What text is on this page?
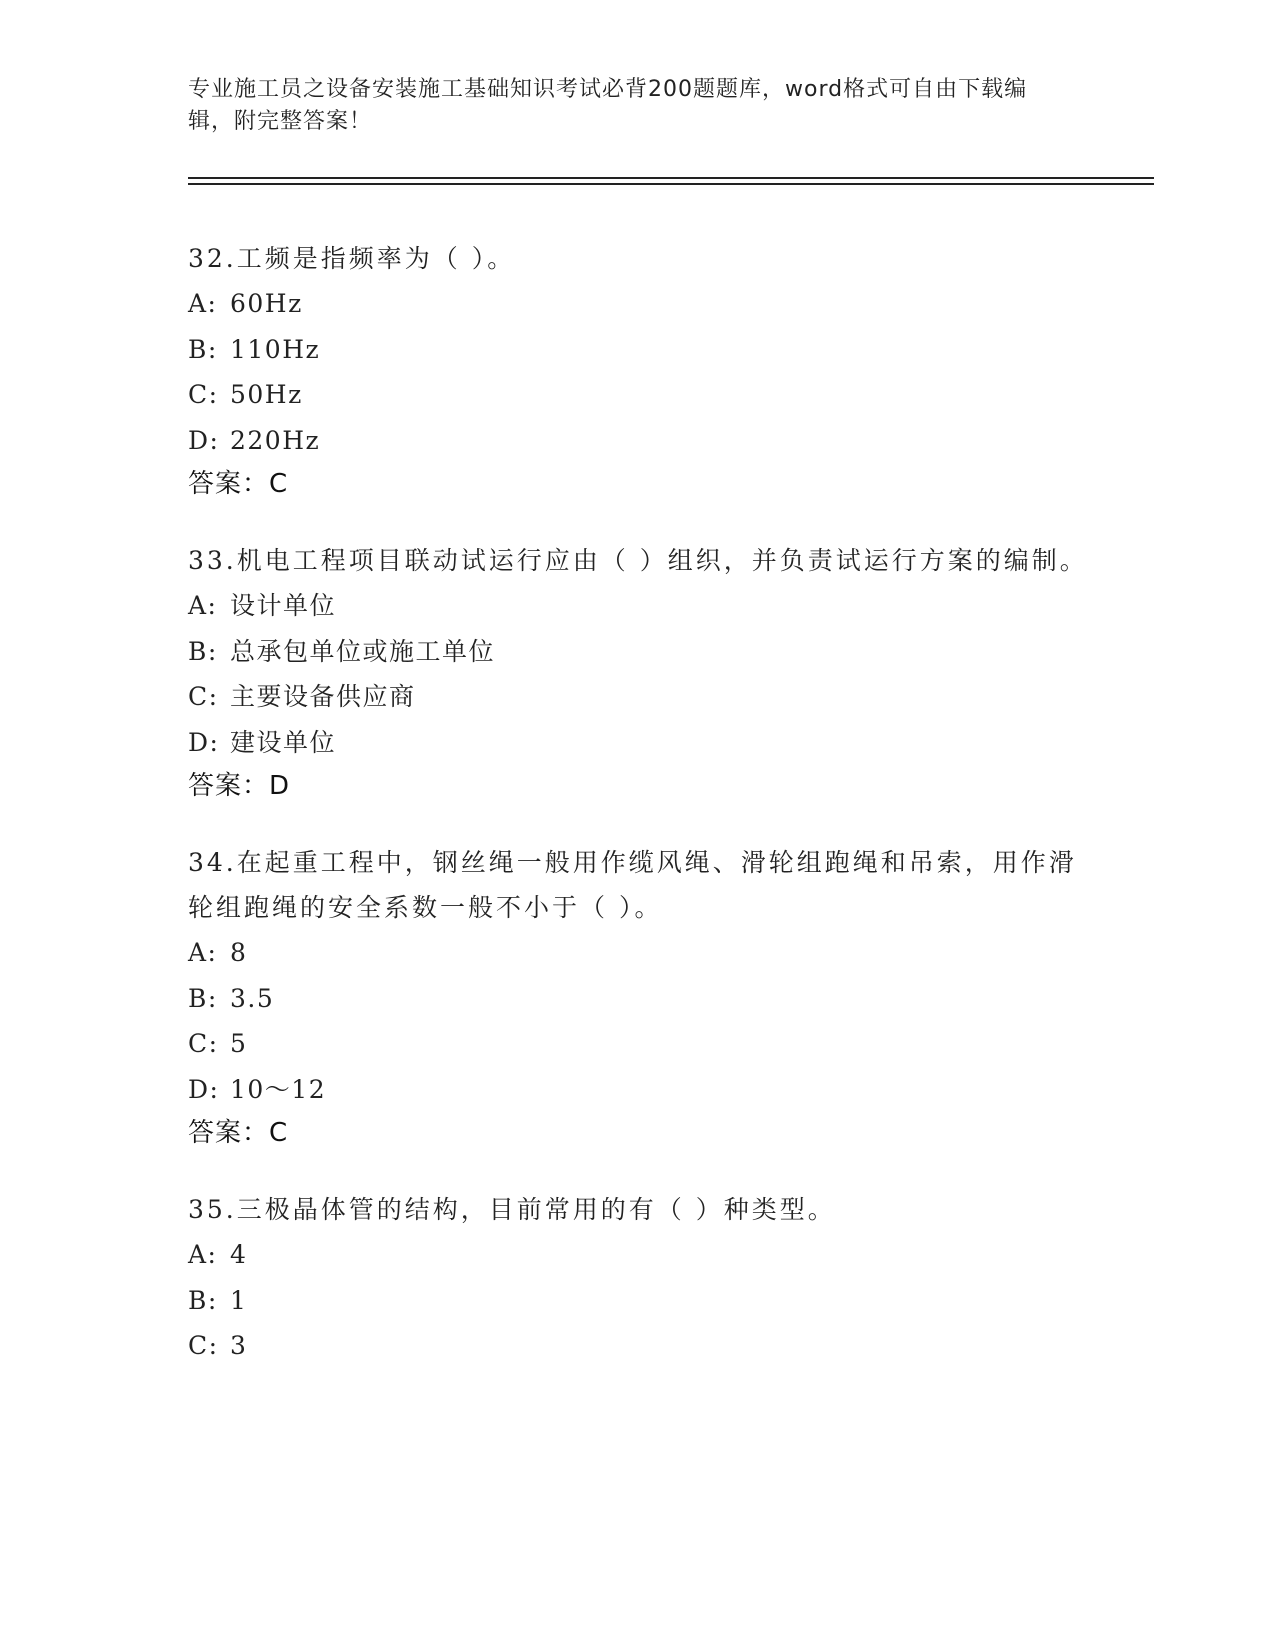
专业施工员之设备安装施工基础知识考试必背200题题库，word格式可自由下载编辑，附完整答案！

32.工频是指频率为（ ）。

A: 60Hz
B: 110Hz
C: 50Hz
D: 220Hz
答案：C

33.机电工程项目联动试运行应由（ ）组织，并负责试运行方案的编制。

A: 设计单位
B: 总承包单位或施工单位
C: 主要设备供应商
D: 建设单位
答案：D

34.在起重工程中，钢丝绳一般用作缆风绳、滑轮组跑绳和吊索，用作滑轮组跑绳的安全系数一般不小于（ ）。

A: 8
B: 3.5
C: 5
D: 10～12
答案：C

35.三极晶体管的结构，目前常用的有（ ）种类型。

A: 4
B: 1
C: 3
